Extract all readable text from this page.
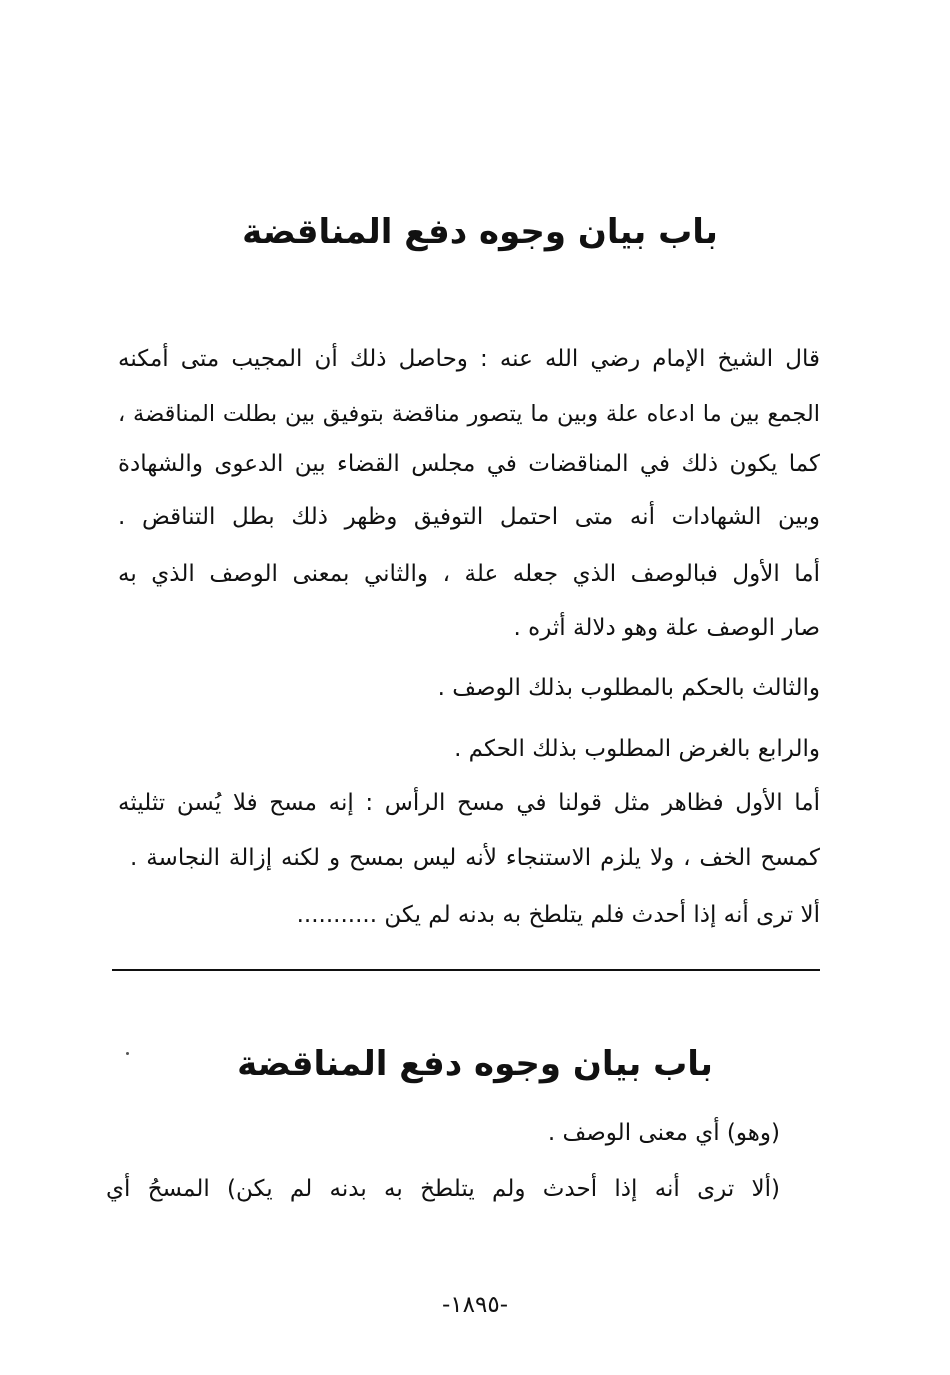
باب بيان وجوه دفع المناقضة
قال الشيخ الإمام رضي الله عنه : وحاصل ذلك أن المجيب متى أمكنه
الجمع بين ما ادعاه علة وبين ما يتصور مناقضة بتوفيق بين بطلت المناقضة ،
كما يكون ذلك في المناقضات في مجلس القضاء بين الدعوى والشهادة
وبين الشهادات أنه متى احتمل التوفيق وظهر ذلك بطل التناقض .
أما الأول فبالوصف الذي جعله علة ، والثاني بمعنى الوصف الذي به
صار الوصف علة وهو دلالة أثره .
والثالث بالحكم بالمطلوب بذلك الوصف .
والرابع بالغرض المطلوب بذلك الحكم .
أما الأول فظاهر مثل قولنا في مسح الرأس : إنه مسح فلا يُسن تثليثه
كمسح الخف ، ولا يلزم الاستنجاء لأنه ليس بمسح و لكنه إزالة النجاسة .
ألا ترى أنه إذا أحدث فلم يتلطخ به بدنه لم يكن ...........
باب بيان وجوه دفع المناقضة
(وهو) أي معنى الوصف .
(ألا ترى أنه إذا أحدث ولم يتلطخ به بدنه لم يكن) المسحُ أي
-١٨٩٥-
